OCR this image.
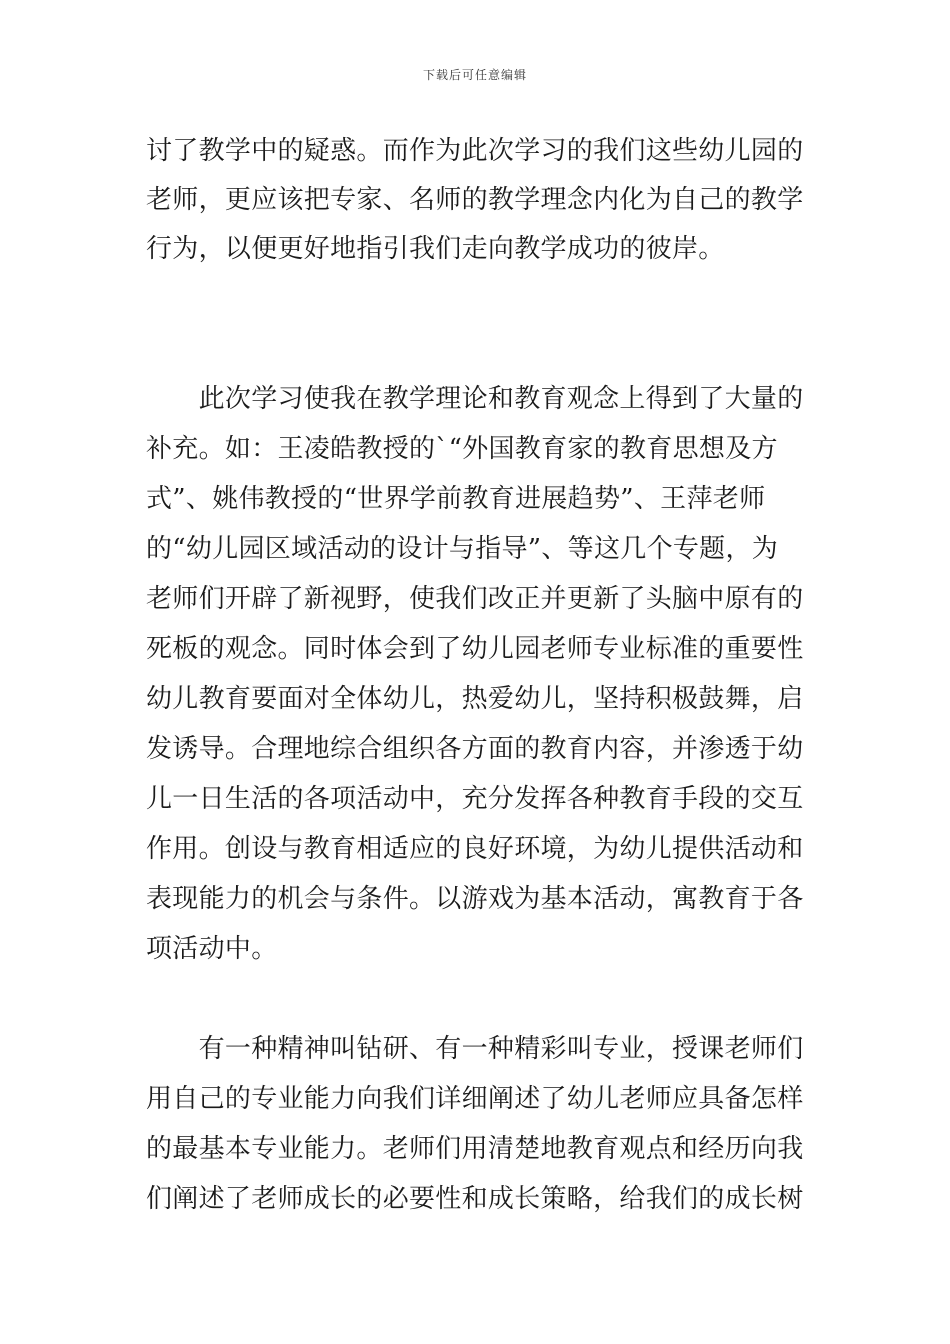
下载后可任意编辑
讨了教学中的疑惑。而作为此次学习的我们这些幼儿园的
老师，更应该把专家、名师的教学理念内化为自己的教学
行为，以便更好地指引我们走向教学成功的彼岸。
　　此次学习使我在教学理论和教育观念上得到了大量的
补充。如：王凌皓教授的`“外国教育家的教育思想及方
式”、姚伟教授的“世界学前教育进展趋势”、王萍老师
的“幼儿园区域活动的设计与指导”、等这几个专题，为
老师们开辟了新视野，使我们改正并更新了头脑中原有的
死板的观念。同时体会到了幼儿园老师专业标准的重要性
幼儿教育要面对全体幼儿，热爱幼儿，坚持积极鼓舞，启
发诱导。合理地综合组织各方面的教育内容，并渗透于幼
儿一日生活的各项活动中，充分发挥各种教育手段的交互
作用。创设与教育相适应的良好环境，为幼儿提供活动和
表现能力的机会与条件。以游戏为基本活动，寓教育于各
项活动中。
　　有一种精神叫钻研、有一种精彩叫专业，授课老师们
用自己的专业能力向我们详细阐述了幼儿老师应具备怎样
的最基本专业能力。老师们用清楚地教育观点和经历向我
们阐述了老师成长的必要性和成长策略，给我们的成长树
